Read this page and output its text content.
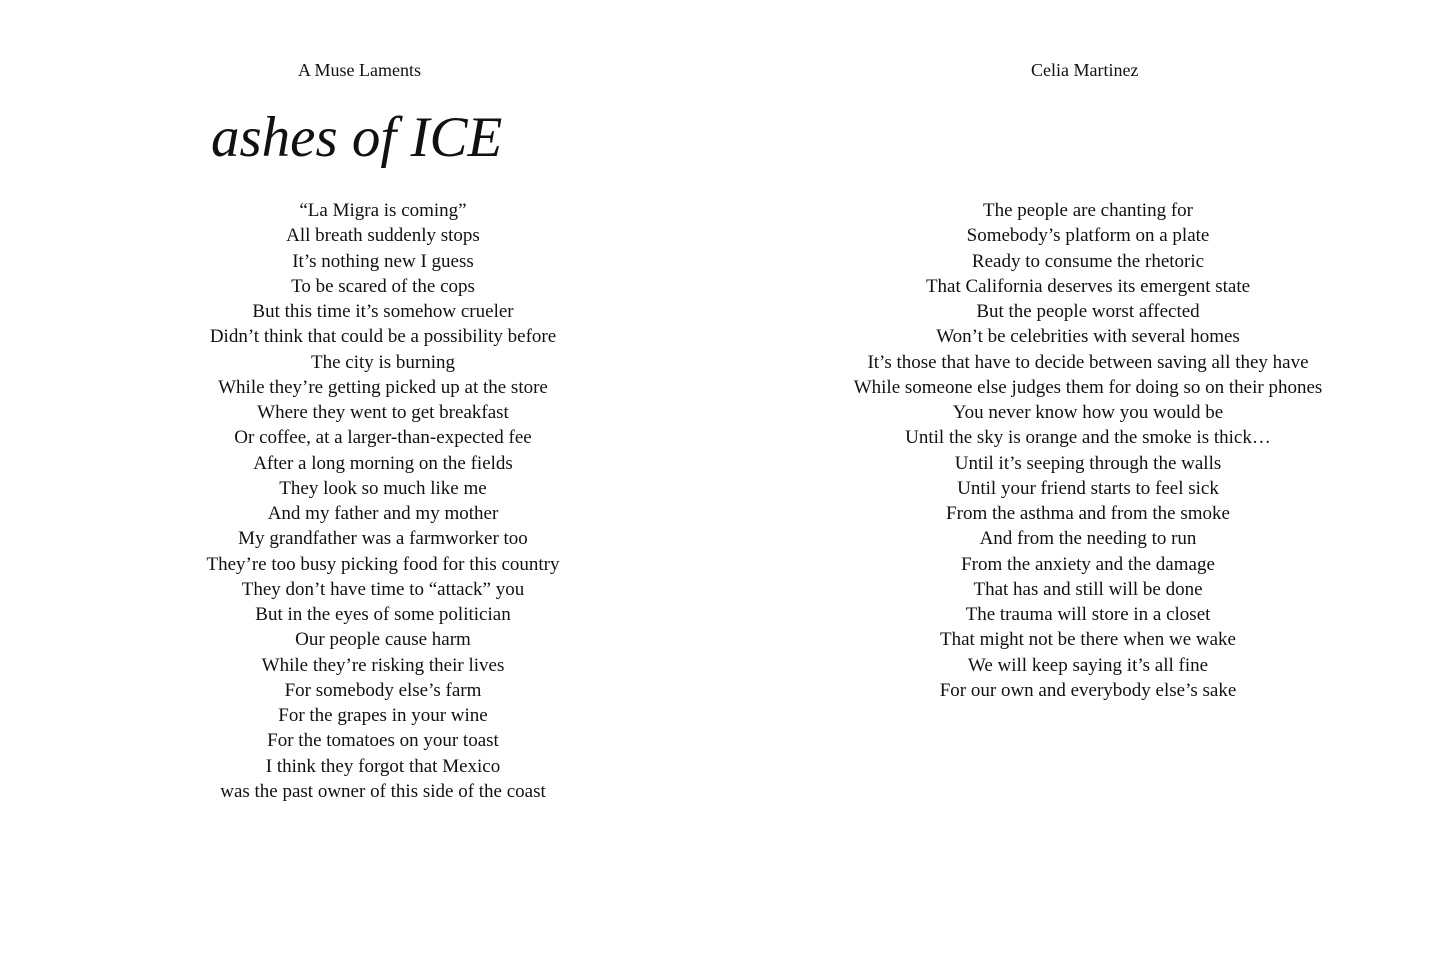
A Muse Laments
ashes of ICE
“La Migra is coming”
All breath suddenly stops
It’s nothing new I guess
To be scared of the cops
But this time it’s somehow crueler
Didn’t think that could be a possibility before
The city is burning
While they’re getting picked up at the store
Where they went to get breakfast
Or coffee, at a larger-than-expected fee
After a long morning on the fields
They look so much like me
And my father and my mother
My grandfather was a farmworker too
They’re too busy picking food for this country
They don’t have time to “attack” you
But in the eyes of some politician
Our people cause harm
While they’re risking their lives
For somebody else’s farm
For the grapes in your wine
For the tomatoes on your toast
I think they forgot that Mexico
was the past owner of this side of the coast
Celia Martinez
The people are chanting for
Somebody’s platform on a plate
Ready to consume the rhetoric
That California deserves its emergent state
But the people worst affected
Won’t be celebrities with several homes
It’s those that have to decide between saving all they have
While someone else judges them for doing so on their phones
You never know how you would be
Until the sky is orange and the smoke is thick…
Until it’s seeping through the walls
Until your friend starts to feel sick
From the asthma and from the smoke
And from the needing to run
From the anxiety and the damage
That has and still will be done
The trauma will store in a closet
That might not be there when we wake
We will keep saying it’s all fine
For our own and everybody else’s sake
